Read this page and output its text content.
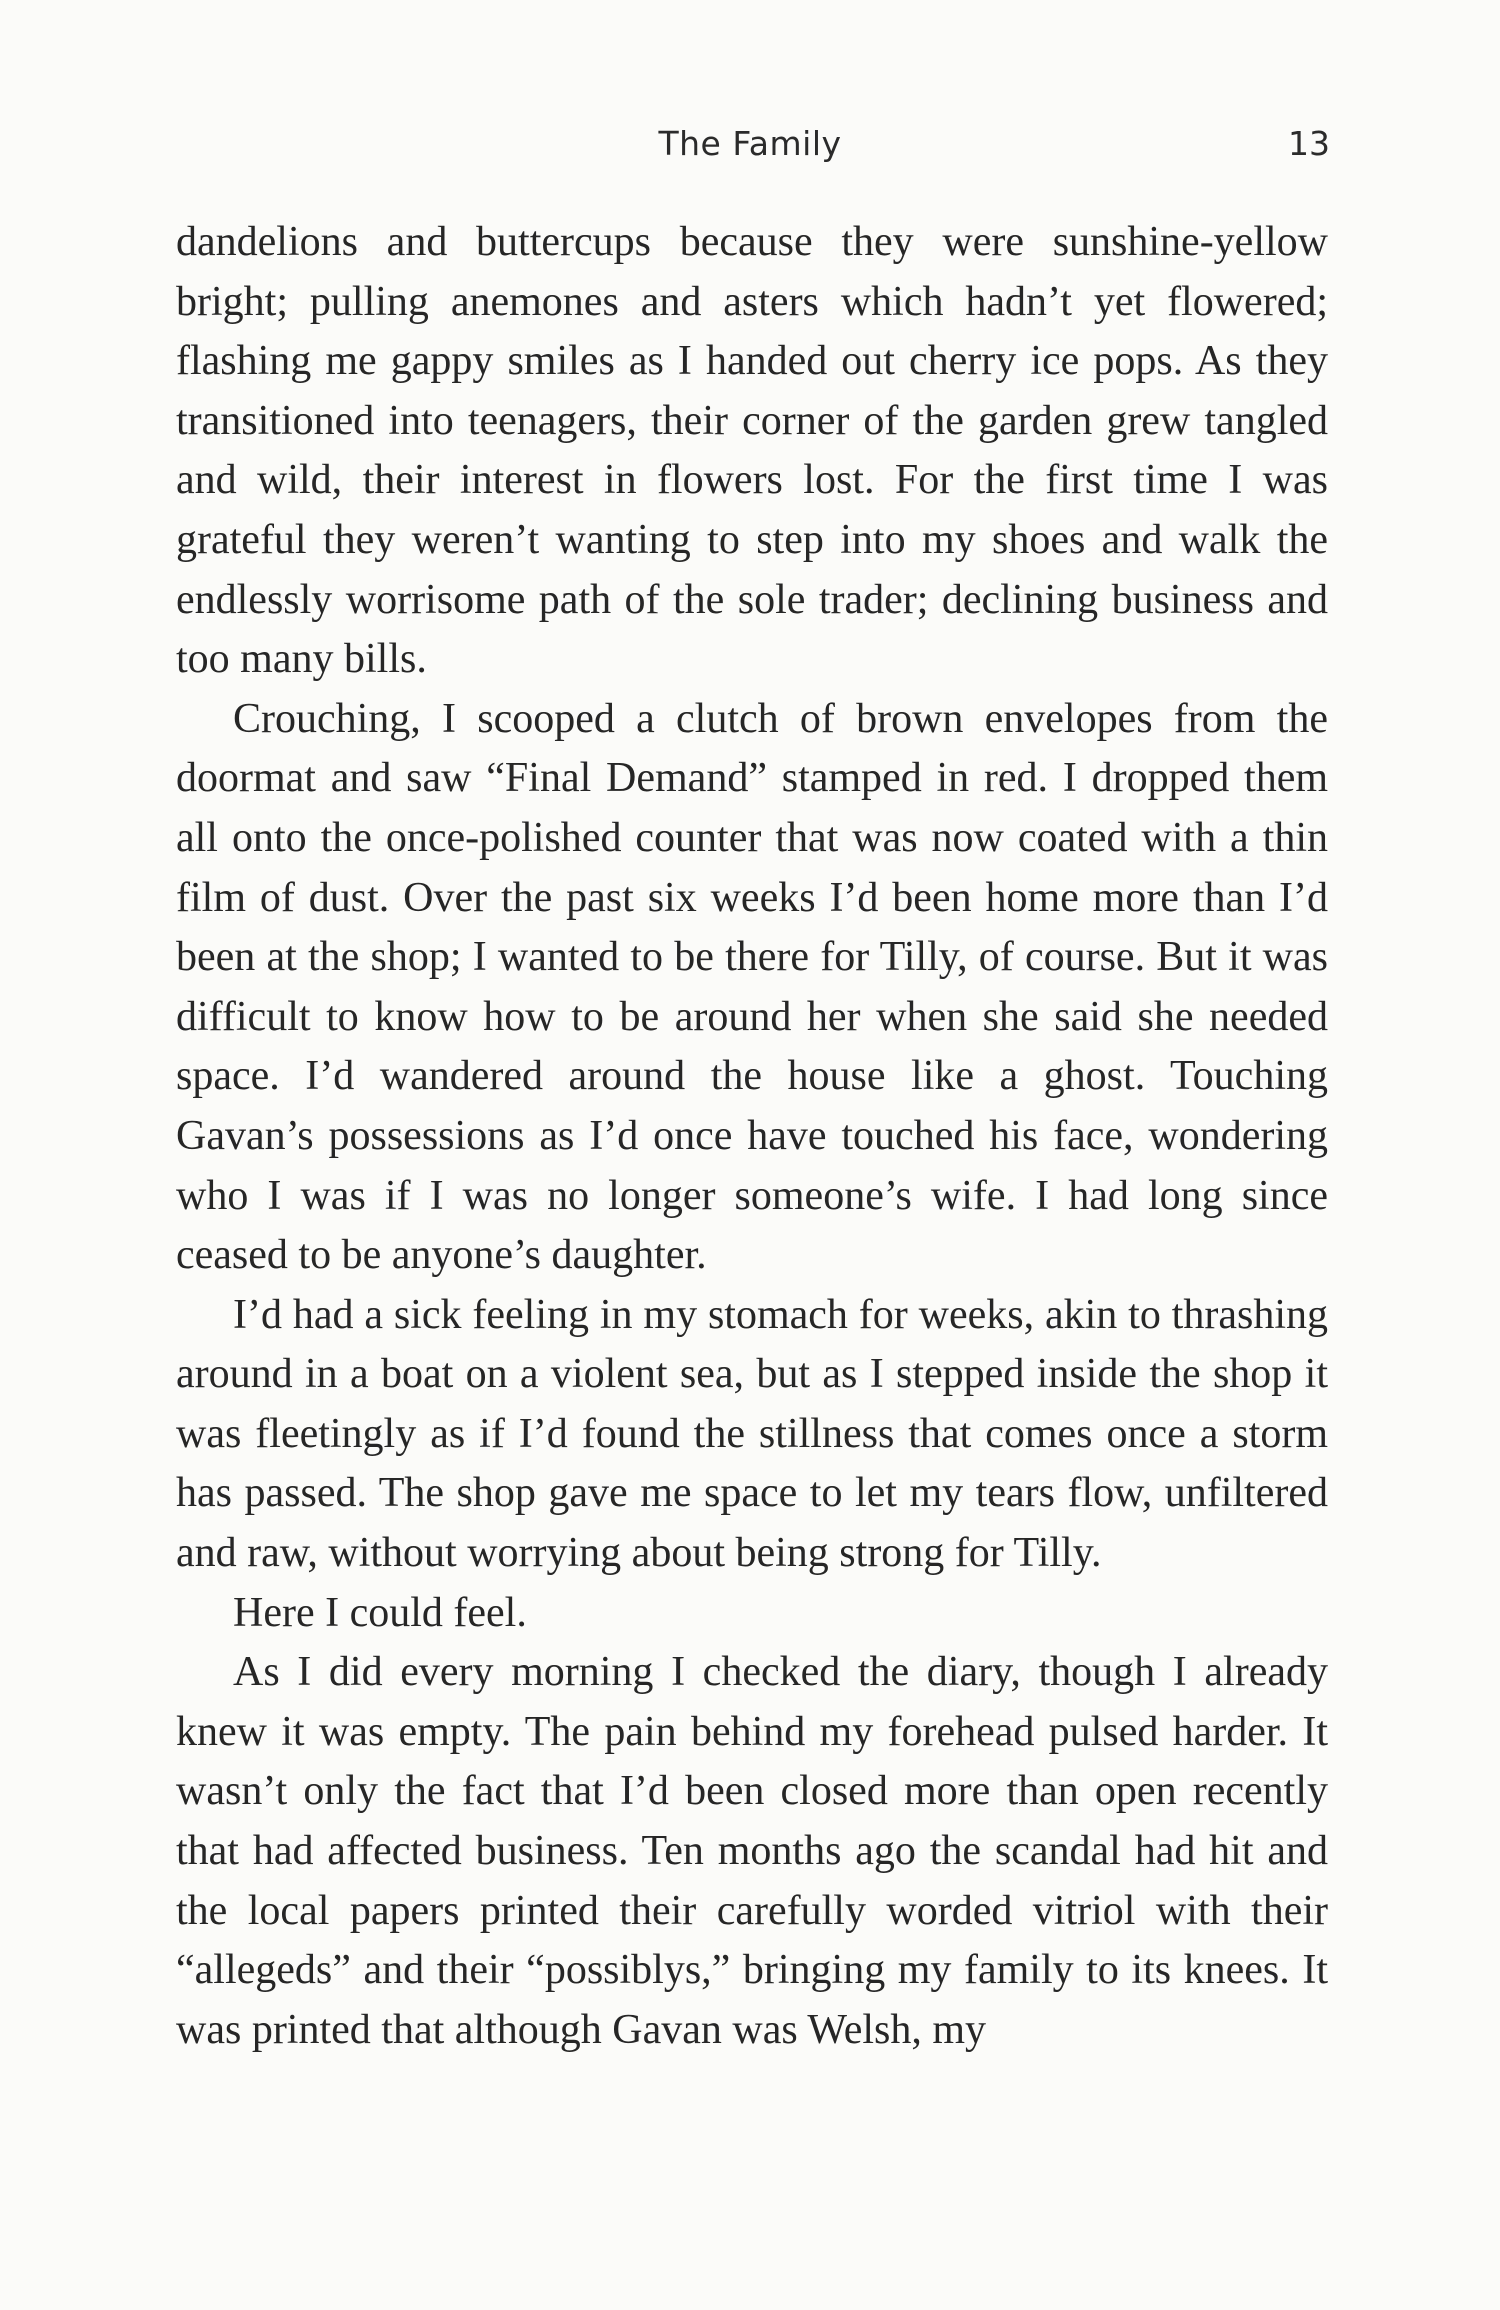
The Family	13

dandelions and buttercups because they were sunshine-yellow bright; pulling anemones and asters which hadn’t yet flowered; flashing me gappy smiles as I handed out cherry ice pops. As they transitioned into teenagers, their corner of the garden grew tangled and wild, their interest in flowers lost. For the first time I was grateful they weren’t wanting to step into my shoes and walk the endlessly worrisome path of the sole trader; declining business and too many bills.

Crouching, I scooped a clutch of brown envelopes from the doormat and saw “Final Demand” stamped in red. I dropped them all onto the once-polished counter that was now coated with a thin film of dust. Over the past six weeks I’d been home more than I’d been at the shop; I wanted to be there for Tilly, of course. But it was difficult to know how to be around her when she said she needed space. I’d wandered around the house like a ghost. Touching Gavan’s possessions as I’d once have touched his face, wondering who I was if I was no longer someone’s wife. I had long since ceased to be anyone’s daughter.

I’d had a sick feeling in my stomach for weeks, akin to thrashing around in a boat on a violent sea, but as I stepped inside the shop it was fleetingly as if I’d found the stillness that comes once a storm has passed. The shop gave me space to let my tears flow, unfiltered and raw, without worrying about being strong for Tilly.

Here I could feel.

As I did every morning I checked the diary, though I already knew it was empty. The pain behind my forehead pulsed harder. It wasn’t only the fact that I’d been closed more than open recently that had affected business. Ten months ago the scandal had hit and the local papers printed their carefully worded vitriol with their “allegeds” and their “possiblys,” bringing my family to its knees. It was printed that although Gavan was Welsh, my
